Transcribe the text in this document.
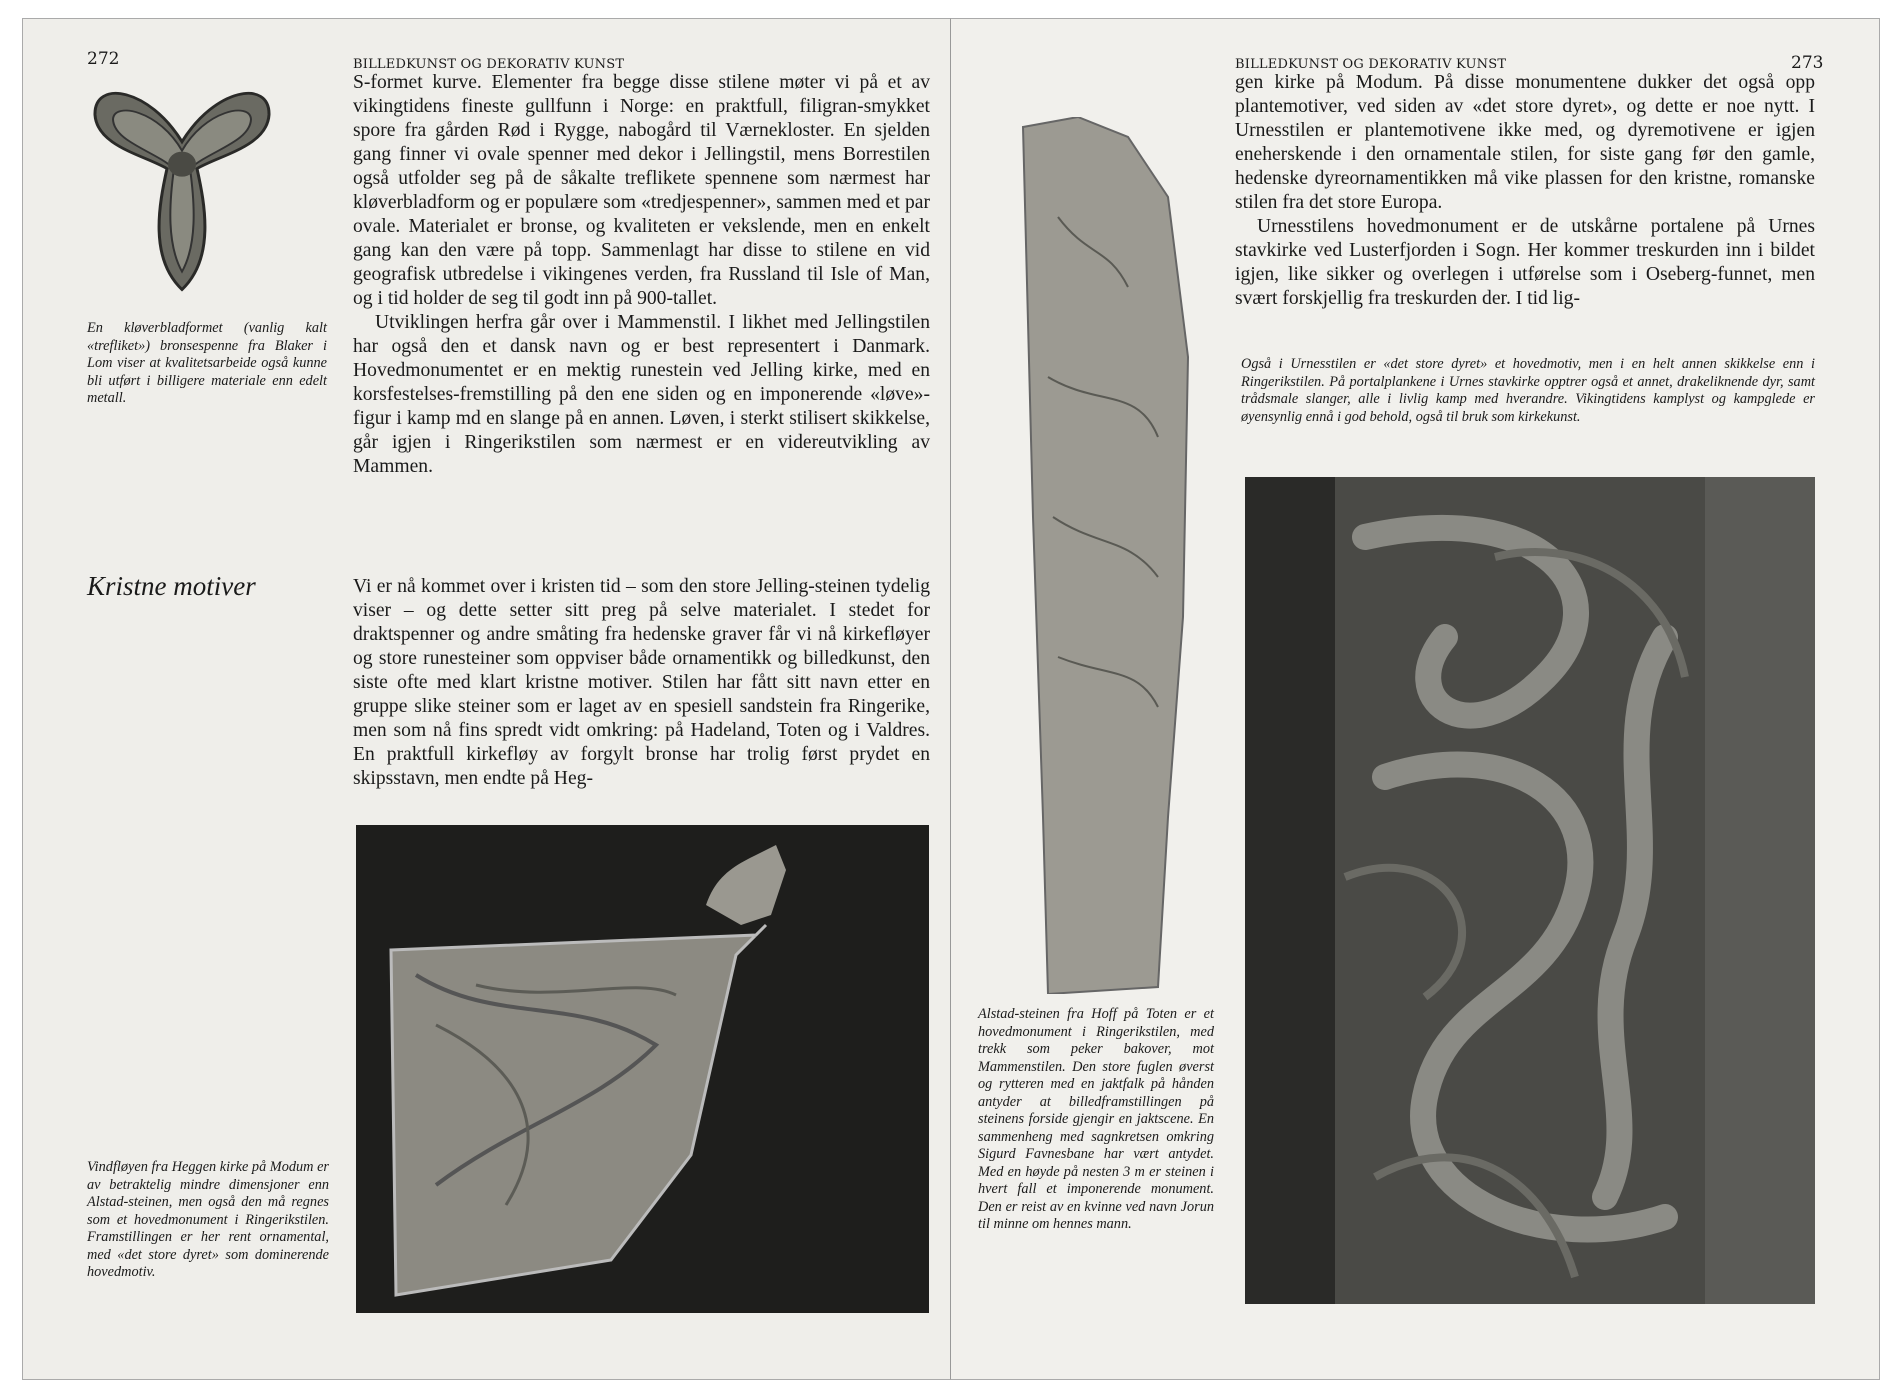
272	BILLEDKUNST OG DEKORATIV KUNST
En kløverbladformet (vanlig kalt «trefliket») bronsespenne fra Blaker i Lom viser at kvalitetsarbeide også kunne bli utført i billigere materiale enn edelt metall.

S-formet kurve. Elementer fra begge disse stilene møter vi på et av vikingtidens fineste gullfunn i Norge: en praktfull, filigran-smykket spore fra gården Rød i Rygge, nabogård til Værnekloster. En sjelden gang finner vi ovale spenner med dekor i Jellingstil, mens Borrestilen også utfolder seg på de såkalte treflikete spennene som nærmest har kløverbladform og er populære som «tredjespenner», sammen med et par ovale. Materialet er bronse, og kvaliteten er vekslende, men en enkelt gang kan den være på topp. Sammenlagt har disse to stilene en vid geografisk utbredelse i vikingenes verden, fra Russland til Isle of Man, og i tid holder de seg til godt inn på 900-tallet.

Utviklingen herfra går over i Mammenstil. I likhet med Jellingstilen har også den et dansk navn og er best representert i Danmark. Hovedmonumentet er en mektig runestein ved Jelling kirke, med en korsfestelses-fremstilling på den ene siden og en imponerende «løve»-figur i kamp md en slange på en annen. Løven, i sterkt stilisert skikkelse, går igjen i Ringerikstilen som nærmest er en videreutvikling av Mammen.

Kristne motiver	Vi er nå kommet over i kristen tid – som den store Jelling-steinen tydelig viser – og dette setter sitt preg på selve materialet. I stedet for draktspenner og andre småting fra hedenske graver får vi nå kirkefløyer og store runesteiner som oppviser både ornamentikk og billedkunst, den siste ofte med klart kristne motiver. Stilen har fått sitt navn etter en gruppe slike steiner som er laget av en spesiell sandstein fra Ringerike, men som nå fins spredt vidt omkring: på Hadeland, Toten og i Valdres. En praktfull kirkefløy av forgylt bronse har trolig først prydet en skipsstavn, men endte på Heg-

Vindfløyen fra Heggen kirke på Modum er av betraktelig mindre dimensjoner enn Alstad-steinen, men også den må regnes som et hovedmonument i Ringerikstilen. Framstillingen er her rent ornamental, med «det store dyret» som dominerende hovedmotiv.
BILLEDKUNST OG DEKORATIV KUNST	273

gen kirke på Modum. På disse monumentene dukker det også opp plantemotiver, ved siden av «det store dyret», og dette er noe nytt. I Urnesstilen er plantemotivene ikke med, og dyremotivene er igjen eneherskende i den ornamentale stilen, for siste gang før den gamle, hedenske dyreornamentikken må vike plassen for den kristne, romanske stilen fra det store Europa.

Urnesstilens hovedmonument er de utskårne portalene på Urnes stavkirke ved Lusterfjorden i Sogn. Her kommer treskurden inn i bildet igjen, like sikker og overlegen i utførelse som i Oseberg-funnet, men svært forskjellig fra treskurden der. I tid lig-

Også i Urnesstilen er «det store dyret» et hovedmotiv, men i en helt annen skikkelse enn i Ringerikstilen. På portalplankene i Urnes stavkirke opptrer også et annet, drakeliknende dyr, samt trådsmale slanger, alle i livlig kamp med hverandre. Vikingtidens kamplyst og kampglede er øyensynlig ennå i god behold, også til bruk som kirkekunst.
Alstad-steinen fra Hoff på Toten er et hovedmonument i Ringerikstilen, med trekk som peker bakover, mot Mammenstilen. Den store fuglen øverst og rytteren med en jaktfalk på hånden antyder at billedframstillingen på steinens forside gjengir en jaktscene. En sammenheng med sagnkretsen omkring Sigurd Favnesbane har vært antydet. Med en høyde på nesten 3 m er steinen i hvert fall et imponerende monument. Den er reist av en kvinne ved navn Jorun til minne om hennes mann.
